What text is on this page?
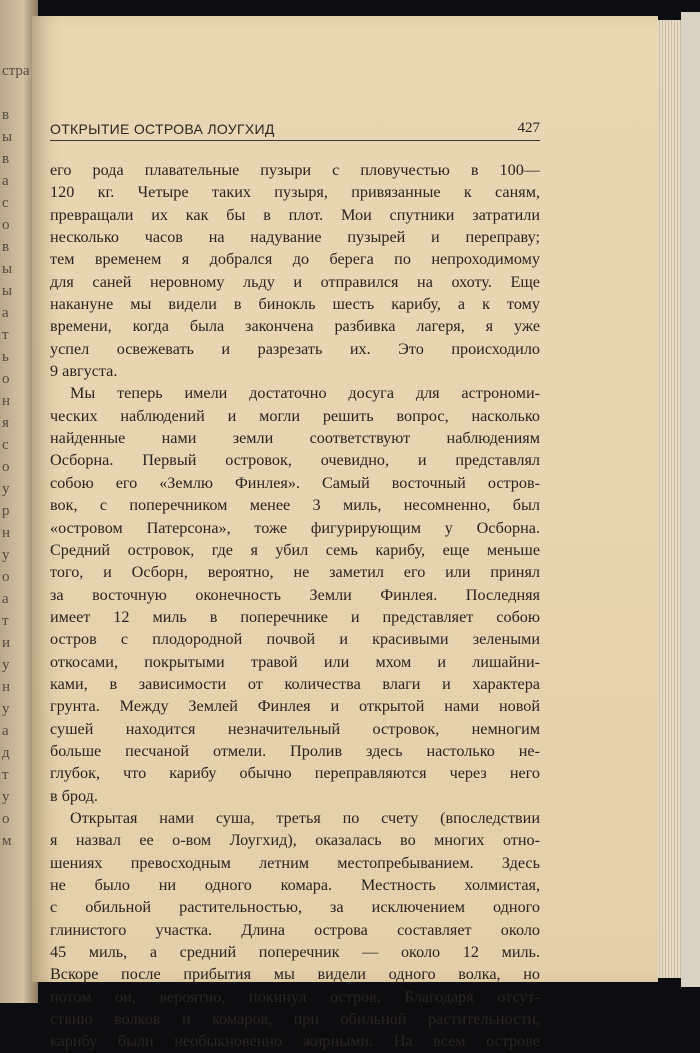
стра
в
ы
в
а
с
о
в
ы
ы
а
т
ь
о
н
я
с
о
у
р
н
у
о
а
т
и
у
н
у
а
д
т
у
о
м
ОТКРЫТИЕ ОСТРОВА ЛОУГХИД	427
его рода плавательные пузыри с пловучестью в 100—
120 кг. Четыре таких пузыря, привязанные к саням,
превращали их как бы в плот. Мои спутники затратили
несколько часов на надувание пузырей и переправу;
тем временем я добрался до берега по непроходимому
для саней неровному льду и отправился на охоту. Еще
накануне мы видели в бинокль шесть карибу, а к тому
времени, когда была закончена разбивка лагеря, я уже
успел освежевать и разрезать их. Это происходило
9 августа.
Мы теперь имели достаточно досуга для астрономи-
ческих наблюдений и могли решить вопрос, насколько
найденные нами земли соответствуют наблюдениям
Осборна. Первый островок, очевидно, и представлял
собою его «Землю Финлея». Самый восточный остров-
вок, с поперечником менее 3 миль, несомненно, был
«островом Патерсона», тоже фигурирующим у Осборна.
Средний островок, где я убил семь карибу, еще меньше
того, и Осборн, вероятно, не заметил его или принял
за восточную оконечность Земли Финлея. Последняя
имеет 12 миль в поперечнике и представляет собою
остров с плодородной почвой и красивыми зелеными
откосами, покрытыми травой или мхом и лишайни-
ками, в зависимости от количества влаги и характера
грунта. Между Землей Финлея и открытой нами новой
сушей находится незначительный островок, немногим
больше песчаной отмели. Пролив здесь настолько не-
глубок, что карибу обычно переправляются через него
в брод.
Открытая нами суша, третья по счету (впоследствии
я назвал ее о-вом Лоугхид), оказалась во многих отно-
шениях превосходным летним местопребыванием. Здесь
не было ни одного комара. Местность холмистая,
с обильной растительностью, за исключением одного
глинистого участка. Длина острова составляет около
45 миль, а средний поперечник — около 12 миль.
Вскоре после прибытия мы видели одного волка, но
потом он, вероятно, покинул остров. Благодаря отсут-
ствию волков и комаров, при обильной растительности,
карибу были необыкновенно жирными. На всем острове
